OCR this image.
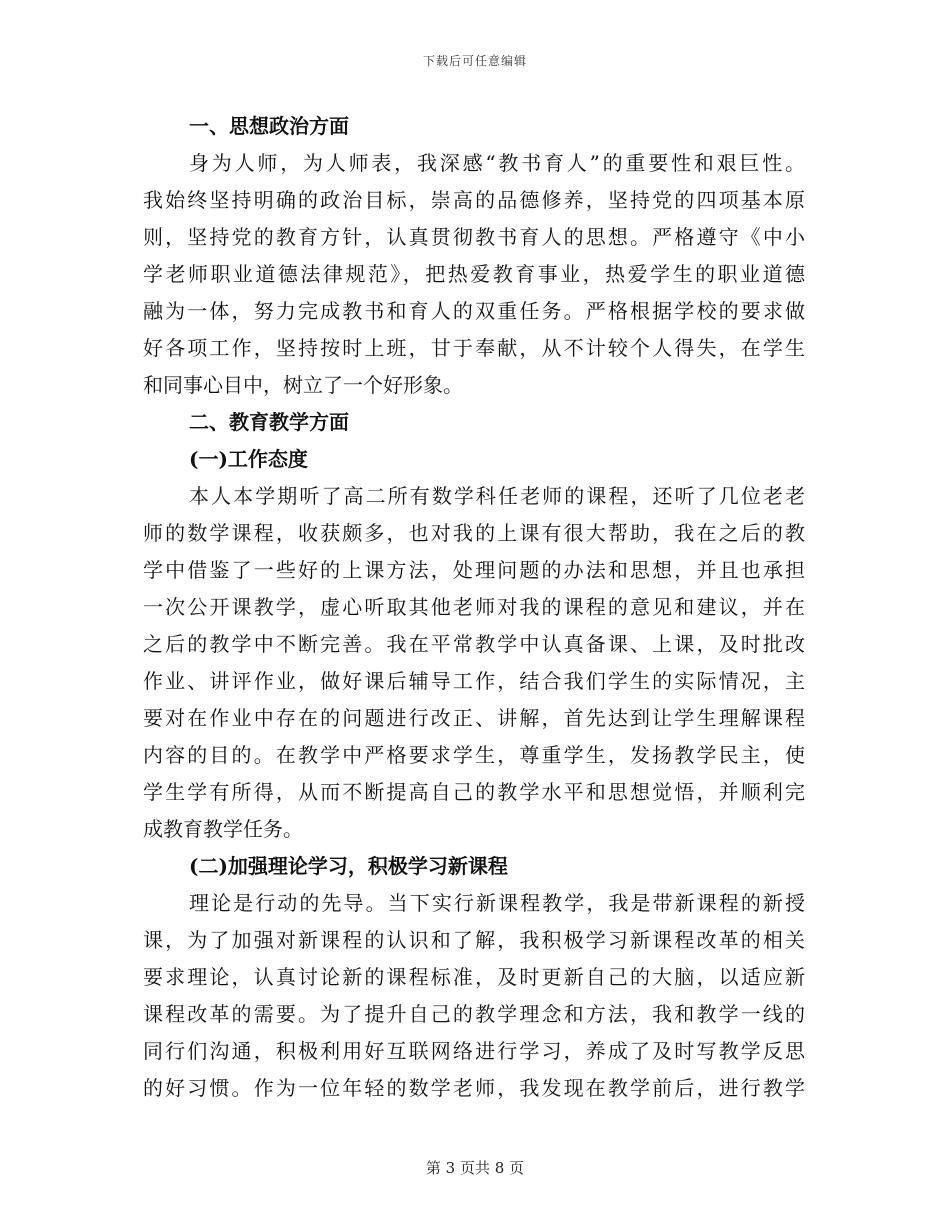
下载后可任意编辑
一、思想政治方面
身为人师，为人师表，我深感“教书育人”的重要性和艰巨性。
我始终坚持明确的政治目标，崇高的品德修养，坚持党的四项基本原
则，坚持党的教育方针，认真贯彻教书育人的思想。严格遵守《中小
学老师职业道德法律规范》，把热爱教育事业，热爱学生的职业道德
融为一体，努力完成教书和育人的双重任务。严格根据学校的要求做
好各项工作，坚持按时上班，甘于奉献，从不计较个人得失，在学生
和同事心目中，树立了一个好形象。
二、教育教学方面
(一)工作态度
本人本学期听了高二所有数学科任老师的课程，还听了几位老老
师的数学课程，收获颇多，也对我的上课有很大帮助，我在之后的教
学中借鉴了一些好的上课方法，处理问题的办法和思想，并且也承担
一次公开课教学，虚心听取其他老师对我的课程的意见和建议，并在
之后的教学中不断完善。我在平常教学中认真备课、上课，及时批改
作业、讲评作业，做好课后辅导工作，结合我们学生的实际情况，主
要对在作业中存在的问题进行改正、讲解，首先达到让学生理解课程
内容的目的。在教学中严格要求学生，尊重学生，发扬教学民主，使
学生学有所得，从而不断提高自己的教学水平和思想觉悟，并顺利完
成教育教学任务。
(二)加强理论学习，积极学习新课程
理论是行动的先导。当下实行新课程教学，我是带新课程的新授
课，为了加强对新课程的认识和了解，我积极学习新课程改革的相关
要求理论，认真讨论新的课程标准，及时更新自己的大脑，以适应新
课程改革的需要。为了提升自己的教学理念和方法，我和教学一线的
同行们沟通，积极利用好互联网络进行学习，养成了及时写教学反思
的好习惯。作为一位年轻的数学老师，我发现在教学前后，进行教学
第 3 页共 8 页
